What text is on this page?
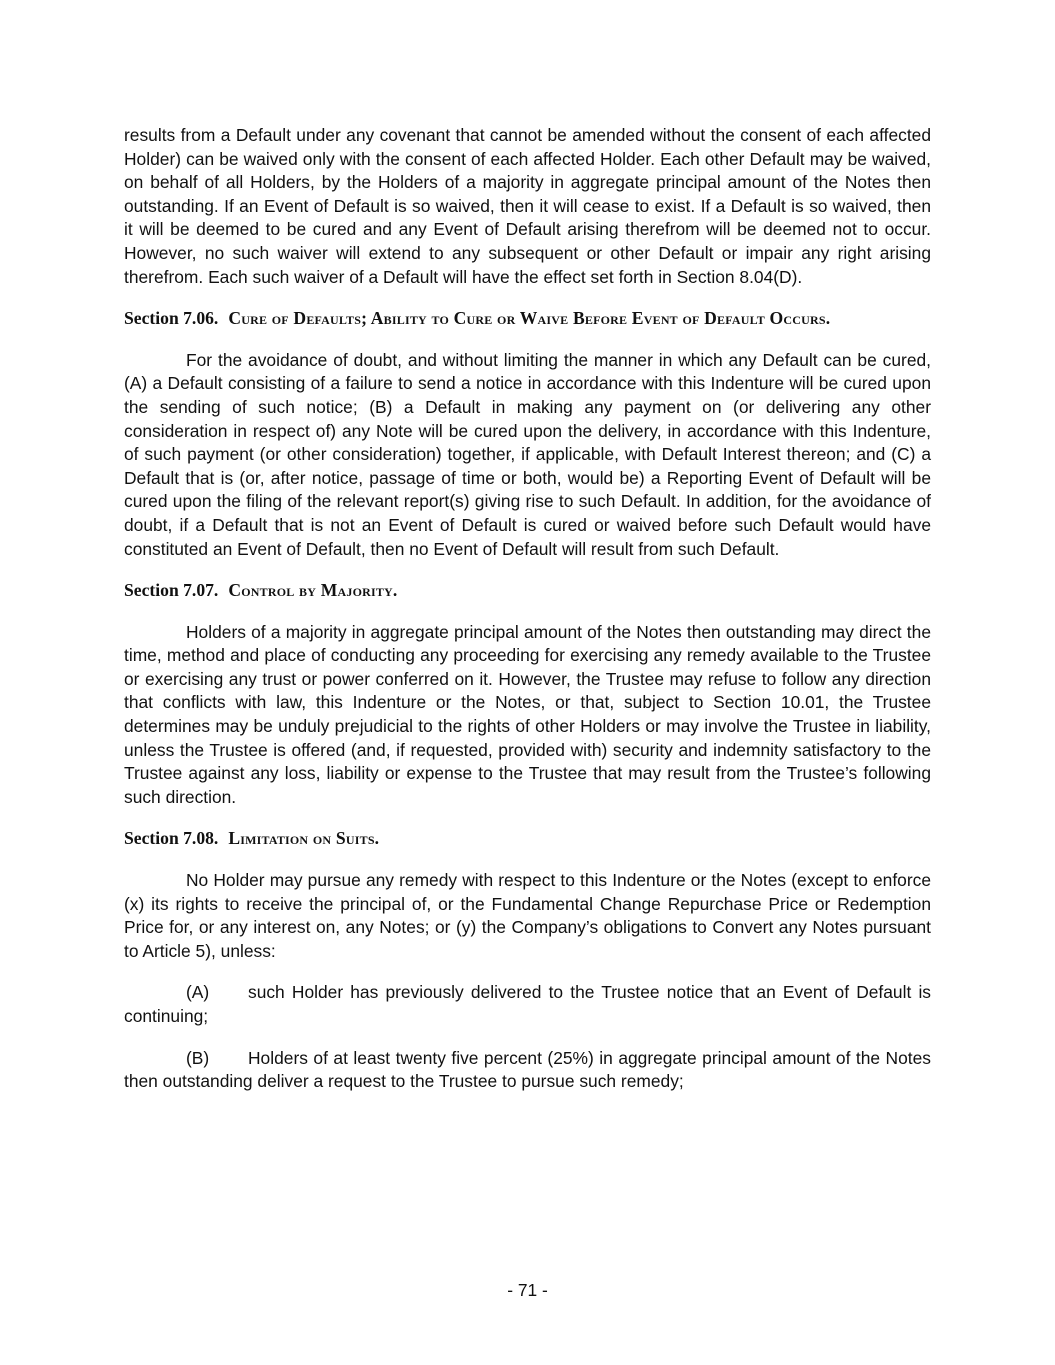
results from a Default under any covenant that cannot be amended without the consent of each affected Holder) can be waived only with the consent of each affected Holder. Each other Default may be waived, on behalf of all Holders, by the Holders of a majority in aggregate principal amount of the Notes then outstanding. If an Event of Default is so waived, then it will cease to exist. If a Default is so waived, then it will be deemed to be cured and any Event of Default arising therefrom will be deemed not to occur. However, no such waiver will extend to any subsequent or other Default or impair any right arising therefrom. Each such waiver of a Default will have the effect set forth in Section 8.04(D).

Section 7.06. Cure of Defaults; Ability to Cure or Waive Before Event of Default Occurs.

For the avoidance of doubt, and without limiting the manner in which any Default can be cured, (A) a Default consisting of a failure to send a notice in accordance with this Indenture will be cured upon the sending of such notice; (B) a Default in making any payment on (or delivering any other consideration in respect of) any Note will be cured upon the delivery, in accordance with this Indenture, of such payment (or other consideration) together, if applicable, with Default Interest thereon; and (C) a Default that is (or, after notice, passage of time or both, would be) a Reporting Event of Default will be cured upon the filing of the relevant report(s) giving rise to such Default. In addition, for the avoidance of doubt, if a Default that is not an Event of Default is cured or waived before such Default would have constituted an Event of Default, then no Event of Default will result from such Default.

Section 7.07. Control by Majority.

Holders of a majority in aggregate principal amount of the Notes then outstanding may direct the time, method and place of conducting any proceeding for exercising any remedy available to the Trustee or exercising any trust or power conferred on it. However, the Trustee may refuse to follow any direction that conflicts with law, this Indenture or the Notes, or that, subject to Section 10.01, the Trustee determines may be unduly prejudicial to the rights of other Holders or may involve the Trustee in liability, unless the Trustee is offered (and, if requested, provided with) security and indemnity satisfactory to the Trustee against any loss, liability or expense to the Trustee that may result from the Trustee’s following such direction.

Section 7.08. Limitation on Suits.

No Holder may pursue any remedy with respect to this Indenture or the Notes (except to enforce (x) its rights to receive the principal of, or the Fundamental Change Repurchase Price or Redemption Price for, or any interest on, any Notes; or (y) the Company’s obligations to Convert any Notes pursuant to Article 5), unless:

(A) such Holder has previously delivered to the Trustee notice that an Event of Default is continuing;

(B) Holders of at least twenty five percent (25%) in aggregate principal amount of the Notes then outstanding deliver a request to the Trustee to pursue such remedy;

- 71 -
